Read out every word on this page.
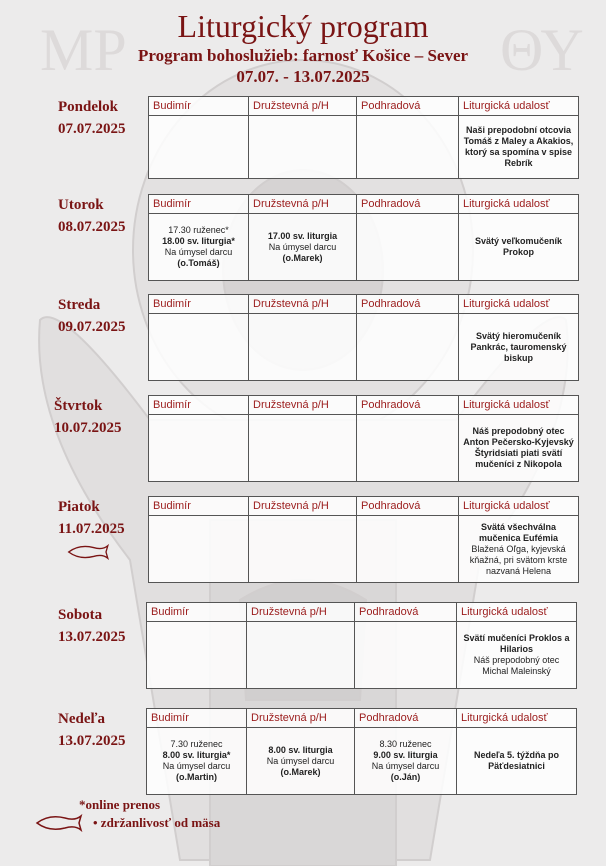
ΜΡ	ΘΥ
Liturgický program
Program bohoslužieb: farnosť Košice – Sever
07.07. - 13.07.2025
Pondelok
07.07.2025
Budimír	Družstevná p/H	Podhradová	Liturgická udalosť

			Naši prepodobní otcovia Tomáš z Maley a Akakios, ktorý sa spomína v spise Rebrík
Utorok
08.07.2025
Budimír	Družstevná p/H	Podhradová	Liturgická udalosť

17.30 ruženec*
18.00 sv. liturgia*
Na úmysel darcu
(o.Tomáš)	17.00 sv. liturgia
Na úmysel darcu
(o.Marek)		Svätý veľkomučeník Prokop
Streda
09.07.2025
Budimír	Družstevná p/H	Podhradová	Liturgická udalosť

			Svätý hieromučeník Pankrác, tauromenský biskup
Štvrtok
10.07.2025
Budimír	Družstevná p/H	Podhradová	Liturgická udalosť

			Náš prepodobný otec Anton Pečersko-Kyjevský
Štyridsiati piati svätí mučeníci z Nikopola
Piatok
11.07.2025
Budimír	Družstevná p/H	Podhradová	Liturgická udalosť

			Svätá všechválna mučenica Eufémia
Blažená Oľga, kyjevská kňažná, pri svätom krste nazvaná Helena
Sobota
13.07.2025
Budimír	Družstevná p/H	Podhradová	Liturgická udalosť

			Svätí mučeníci Proklos a Hilarios
Náš prepodobný otec Michal Maleinský
Nedeľa
13.07.2025
Budimír	Družstevná p/H	Podhradová	Liturgická udalosť

7.30 ruženec
8.00 sv. liturgia*
Na úmysel darcu
(o.Martin)	8.00 sv. liturgia
Na úmysel darcu
(o.Marek)	8.30 ruženec
9.00 sv. liturgia
Na úmysel darcu
(o.Ján)	Nedeľa 5. týždňa po Päťdesiatnici
*online prenos
• zdržanlivosť od mäsa
